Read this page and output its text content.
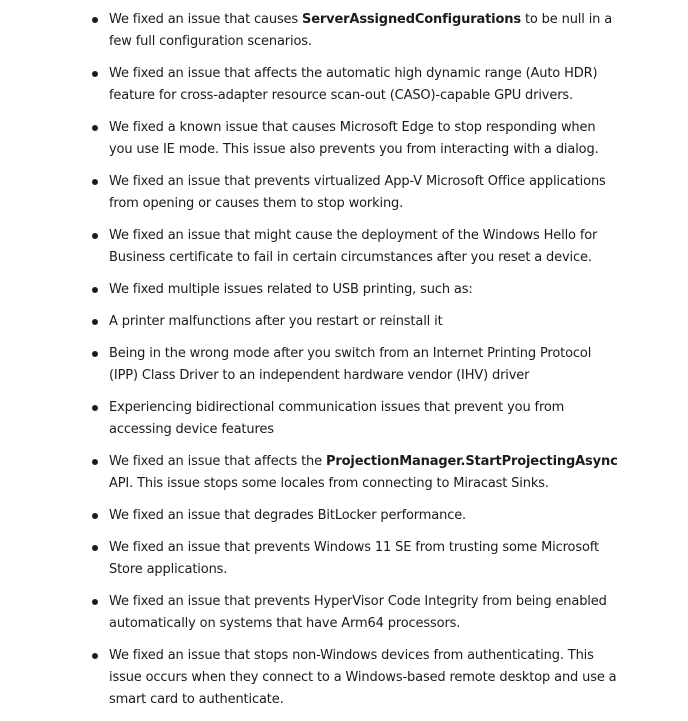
We fixed an issue that causes ServerAssignedConfigurations to be null in a few full configuration scenarios.
We fixed an issue that affects the automatic high dynamic range (Auto HDR) feature for cross-adapter resource scan-out (CASO)-capable GPU drivers.
We fixed a known issue that causes Microsoft Edge to stop responding when you use IE mode. This issue also prevents you from interacting with a dialog.
We fixed an issue that prevents virtualized App-V Microsoft Office applications from opening or causes them to stop working.
We fixed an issue that might cause the deployment of the Windows Hello for Business certificate to fail in certain circumstances after you reset a device.
We fixed multiple issues related to USB printing, such as:
A printer malfunctions after you restart or reinstall it
Being in the wrong mode after you switch from an Internet Printing Protocol (IPP) Class Driver to an independent hardware vendor (IHV) driver
Experiencing bidirectional communication issues that prevent you from accessing device features
We fixed an issue that affects the ProjectionManager.StartProjectingAsync API. This issue stops some locales from connecting to Miracast Sinks.
We fixed an issue that degrades BitLocker performance.
We fixed an issue that prevents Windows 11 SE from trusting some Microsoft Store applications.
We fixed an issue that prevents HyperVisor Code Integrity from being enabled automatically on systems that have Arm64 processors.
We fixed an issue that stops non-Windows devices from authenticating. This issue occurs when they connect to a Windows-based remote desktop and use a smart card to authenticate.
